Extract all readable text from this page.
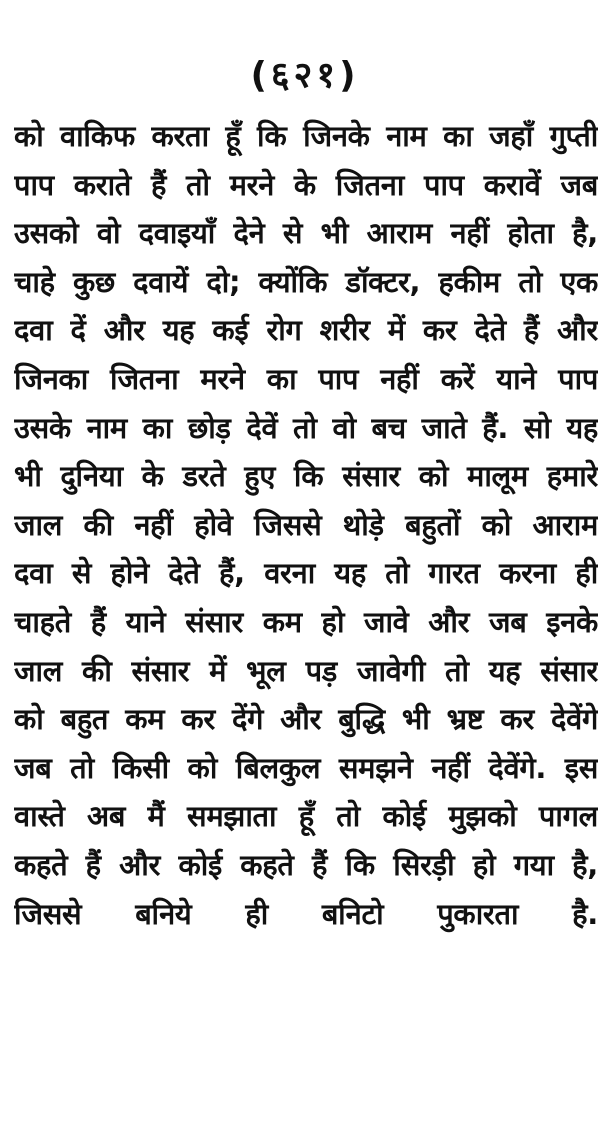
(६२१)
को वाकिफ करता हूँ कि जिनके नाम का जहाँ गुप्ती
पाप कराते हैं तो मरने के जितना पाप करावें जब
उसको वो दवाइयाँ देने से भी आराम नहीं होता है,
चाहे कुछ दवायें दो; क्योंकि डॉक्टर, हकीम तो एक
दवा दें और यह कई रोग शरीर में कर देते हैं और
जिनका जितना मरने का पाप नहीं करें याने पाप
उसके नाम का छोड़ देवें तो वो बच जाते हैं. सो यह
भी दुनिया के डरते हुए कि संसार को मालूम हमारे
जाल की नहीं होवे जिससे थोड़े बहुतों को आराम
दवा से होने देते हैं, वरना यह तो गारत करना ही
चाहते हैं याने संसार कम हो जावे और जब इनके
जाल की संसार में भूल पड़ जावेगी तो यह संसार
को बहुत कम कर देंगे और बुद्धि भी भ्रष्ट कर देवेंगे
जब तो किसी को बिलकुल समझने नहीं देवेंगे. इस
वास्ते अब मैं समझाता हूँ तो कोई मुझको पागल
कहते हैं और कोई कहते हैं कि सिरड़ी हो गया है,
जिससे बनिये ही बनिटो पुकारता है.
